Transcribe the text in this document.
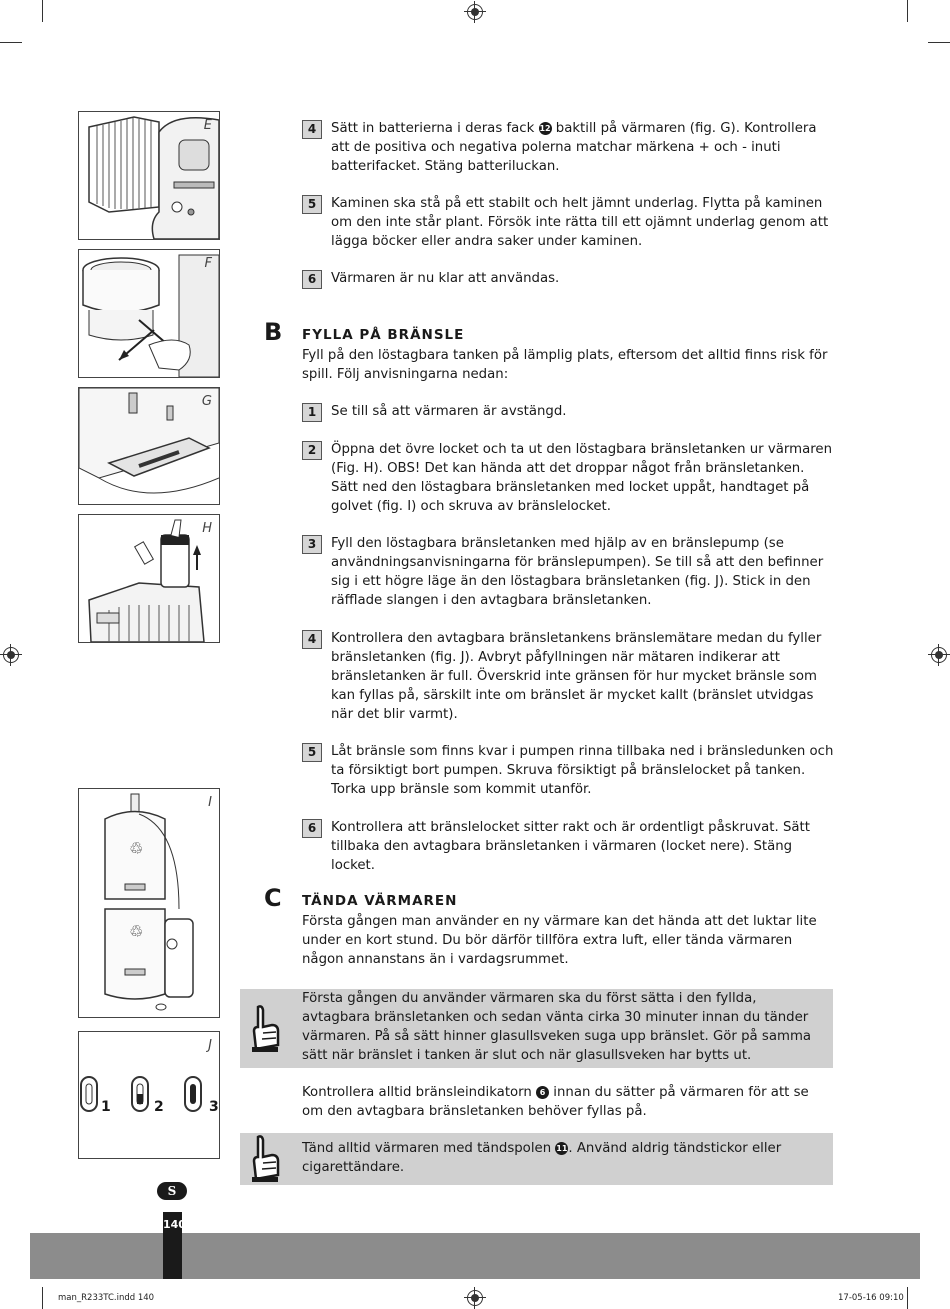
E
F
G
H
♲
♲
I
J
1	2	3
4	Sätt in batterierna i deras fack 12 baktill på värmaren (fig. G). Kontrollera att de positiva och negativa polerna matchar märkena + och - inuti batterifacket. Stäng batteriluckan.
5	Kaminen ska stå på ett stabilt och helt jämnt underlag. Flytta på kaminen om den inte står plant. Försök inte rätta till ett ojämnt underlag genom att lägga böcker eller andra saker under kaminen.
6	Värmaren är nu klar att användas.
B FYLLA PÅ BRÄNSLE
Fyll på den löstagbara tanken på lämplig plats, eftersom det alltid finns risk för spill. Följ anvisningarna nedan:
1	Se till så att värmaren är avstängd.
2	Öppna det övre locket och ta ut den löstagbara bränsletanken ur värmaren (Fig. H). OBS! Det kan hända att det droppar något från bränsletanken. Sätt ned den löstagbara bränsletanken med locket uppåt, handtaget på golvet (fig. I) och skruva av bränslelocket.
3	Fyll den löstagbara bränsletanken med hjälp av en bränslepump (se användningsanvisningarna för bränslepumpen). Se till så att den befinner sig i ett högre läge än den löstagbara bränsletanken (fig. J). Stick in den räfflade slangen i den avtagbara bränsletanken.
4	Kontrollera den avtagbara bränsletankens bränslemätare medan du fyller bränsletanken (fig. J). Avbryt påfyllningen när mätaren indikerar att bränsletanken är full. Överskrid inte gränsen för hur mycket bränsle som kan fyllas på, särskilt inte om bränslet är mycket kallt (bränslet utvidgas när det blir varmt).
5	Låt bränsle som finns kvar i pumpen rinna tillbaka ned i bränsledunken och ta försiktigt bort pumpen. Skruva försiktigt på bränslelocket på tanken. Torka upp bränsle som kommit utanför.
6	Kontrollera att bränslelocket sitter rakt och är ordentligt påskruvat. Sätt tillbaka den avtagbara bränsletanken i värmaren (locket nere). Stäng locket.
C TÄNDA VÄRMAREN
Första gången man använder en ny värmare kan det hända att det luktar lite under en kort stund. Du bör därför tillföra extra luft, eller tända värmaren någon annanstans än i vardagsrummet.
Första gången du använder värmaren ska du först sätta i den fyllda, avtagbara bränsletanken och sedan vänta cirka 30 minuter innan du tänder värmaren. På så sätt hinner glasullsveken suga upp bränslet. Gör på samma sätt när bränslet i tanken är slut och när glasullsveken har bytts ut.
Kontrollera alltid bränsleindikatorn 6 innan du sätter på värmaren för att se om den avtagbara bränsletanken behöver fyllas på.
Tänd alltid värmaren med tändspolen 11. Använd aldrig tändstickor eller cigarettändare.
S
140
man_R233TC.indd 140	17-05-16 09:10
